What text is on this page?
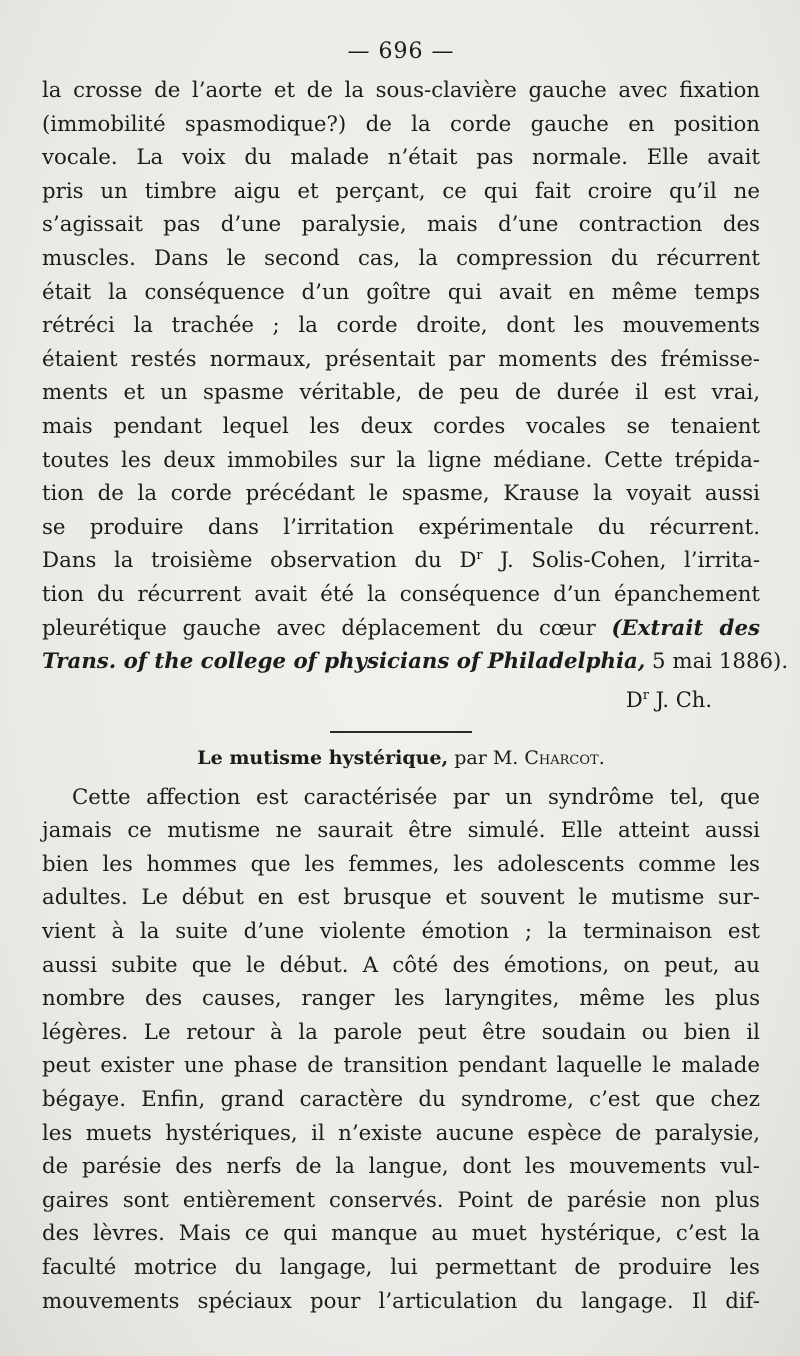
— 696 —
la crosse de l’aorte et de la sous-clavière gauche avec fixation
(immobilité spasmodique?) de la corde gauche en position
vocale. La voix du malade n’était pas normale. Elle avait
pris un timbre aigu et perçant, ce qui fait croire qu’il ne
s’agissait pas d’une paralysie, mais d’une contraction des
muscles. Dans le second cas, la compression du récurrent
était la conséquence d’un goître qui avait en même temps
rétréci la trachée ; la corde droite, dont les mouvements
étaient restés normaux, présentait par moments des frémisse-
ments et un spasme véritable, de peu de durée il est vrai,
mais pendant lequel les deux cordes vocales se tenaient
toutes les deux immobiles sur la ligne médiane. Cette trépida-
tion de la corde précédant le spasme, Krause la voyait aussi
se produire dans l’irritation expérimentale du récurrent.
Dans la troisième observation du $D^r$ J. Solis-Cohen, l’irrita-
tion du récurrent avait été la conséquence d’un épanchement
pleurétique gauche avec déplacement du cœur (Extrait des
Trans. of the college of physicians of Philadelphia, 5 mai 1886).
$D^r$ J. Ch.
Le mutisme hystérique, par M. Charcot.
Cette affection est caractérisée par un syndrôme tel, que
jamais ce mutisme ne saurait être simulé. Elle atteint aussi
bien les hommes que les femmes, les adolescents comme les
adultes. Le début en est brusque et souvent le mutisme sur-
vient à la suite d’une violente émotion ; la terminaison est
aussi subite que le début. A côté des émotions, on peut, au
nombre des causes, ranger les laryngites, même les plus
légères. Le retour à la parole peut être soudain ou bien il
peut exister une phase de transition pendant laquelle le malade
bégaye. Enfin, grand caractère du syndrome, c’est que chez
les muets hystériques, il n’existe aucune espèce de paralysie,
de parésie des nerfs de la langue, dont les mouvements vul-
gaires sont entièrement conservés. Point de parésie non plus
des lèvres. Mais ce qui manque au muet hystérique, c’est la
faculté motrice du langage, lui permettant de produire les
mouvements spéciaux pour l’articulation du langage. Il dif-
